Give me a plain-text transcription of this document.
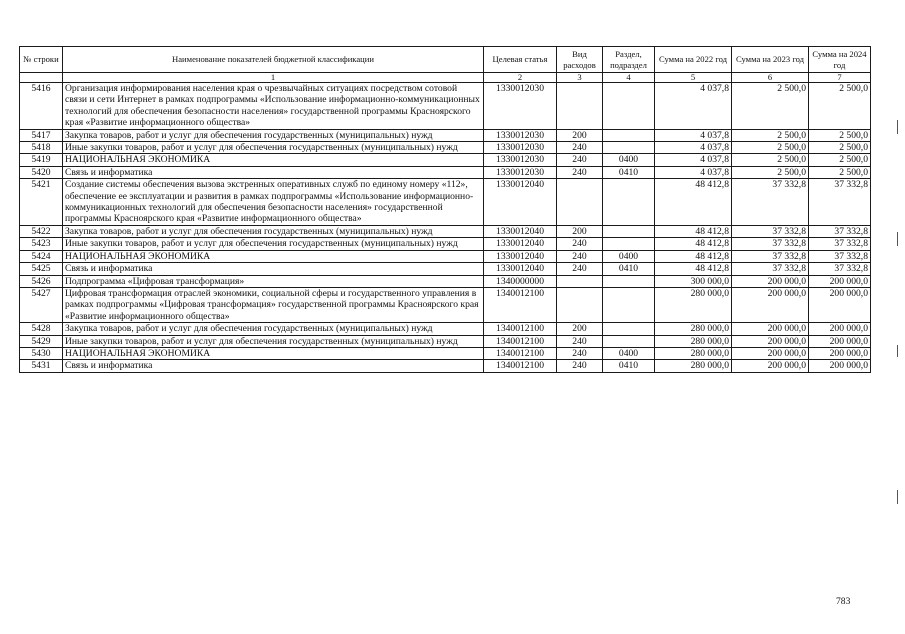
№ строки	Наименование показателей бюджетной классификации	Целевая статья	Вид расходов	Раздел, подраздел	Сумма на 2022 год	Сумма на 2023 год	Сумма на 2024 год
	1	2	3	4	5	6	7
5416	Организация информирования населения края о чрезвычайных ситуациях посредством сотовой связи и сети Интернет в рамках подпрограммы «Использование информационно-коммуникационных технологий для обеспечения безопасности населения» государственной программы Красноярского края «Развитие информационного общества»	1330012030			4 037,8	2 500,0	2 500,0
5417	Закупка товаров, работ и услуг для обеспечения государственных (муниципальных) нужд	1330012030	200		4 037,8	2 500,0	2 500,0
5418	Иные закупки товаров, работ и услуг для обеспечения государственных (муниципальных) нужд	1330012030	240		4 037,8	2 500,0	2 500,0
5419	НАЦИОНАЛЬНАЯ ЭКОНОМИКА	1330012030	240	0400	4 037,8	2 500,0	2 500,0
5420	Связь и информатика	1330012030	240	0410	4 037,8	2 500,0	2 500,0
5421	Создание системы обеспечения вызова экстренных оперативных служб по единому номеру «112», обеспечение ее эксплуатации и развития в рамках подпрограммы «Использование информационно-коммуникационных технологий для обеспечения безопасности населения» государственной программы Красноярского края «Развитие информационного общества»	1330012040			48 412,8	37 332,8	37 332,8
5422	Закупка товаров, работ и услуг для обеспечения государственных (муниципальных) нужд	1330012040	200		48 412,8	37 332,8	37 332,8
5423	Иные закупки товаров, работ и услуг для обеспечения государственных (муниципальных) нужд	1330012040	240		48 412,8	37 332,8	37 332,8
5424	НАЦИОНАЛЬНАЯ ЭКОНОМИКА	1330012040	240	0400	48 412,8	37 332,8	37 332,8
5425	Связь и информатика	1330012040	240	0410	48 412,8	37 332,8	37 332,8
5426	Подпрограмма «Цифровая трансформация»	1340000000			300 000,0	200 000,0	200 000,0
5427	Цифровая трансформация отраслей экономики, социальной сферы и государственного управления в рамках подпрограммы «Цифровая трансформация» государственной программы Красноярского края «Развитие информационного общества»	1340012100			280 000,0	200 000,0	200 000,0
5428	Закупка товаров, работ и услуг для обеспечения государственных (муниципальных) нужд	1340012100	200		280 000,0	200 000,0	200 000,0
5429	Иные закупки товаров, работ и услуг для обеспечения государственных (муниципальных) нужд	1340012100	240		280 000,0	200 000,0	200 000,0
5430	НАЦИОНАЛЬНАЯ ЭКОНОМИКА	1340012100	240	0400	280 000,0	200 000,0	200 000,0
5431	Связь и информатика	1340012100	240	0410	280 000,0	200 000,0	200 000,0
783
